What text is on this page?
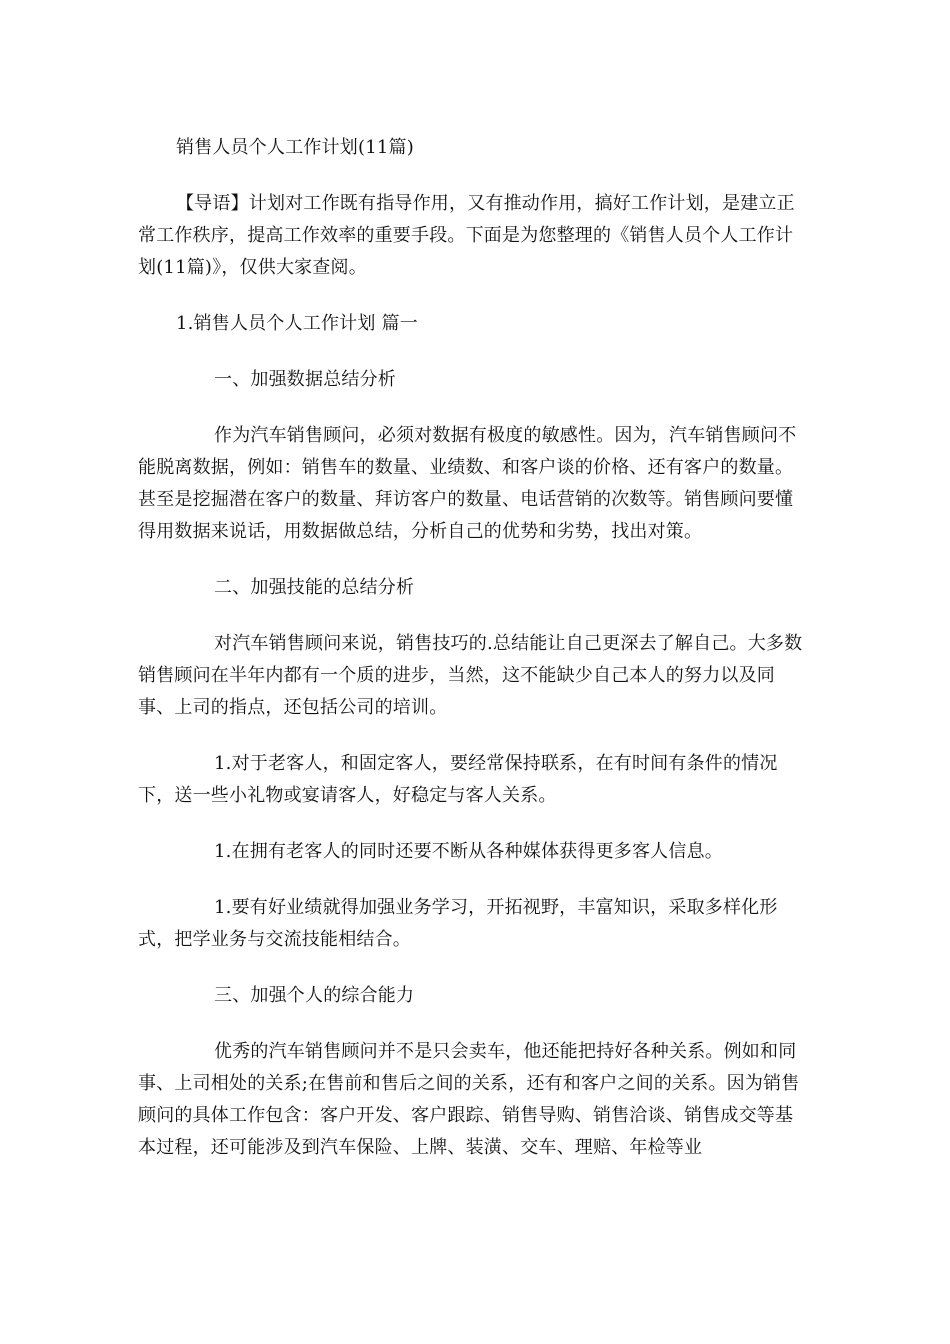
销售人员个人工作计划(11篇)

【导语】计划对工作既有指导作用，又有推动作用，搞好工作计划，是建立正常工作秩序，提高工作效率的重要手段。下面是为您整理的《销售人员个人工作计划(11篇)》，仅供大家查阅。

1.销售人员个人工作计划 篇一

一、加强数据总结分析

作为汽车销售顾问，必须对数据有极度的敏感性。因为，汽车销售顾问不能脱离数据，例如：销售车的数量、业绩数、和客户谈的价格、还有客户的数量。甚至是挖掘潜在客户的数量、拜访客户的数量、电话营销的次数等。销售顾问要懂得用数据来说话，用数据做总结，分析自己的优势和劣势，找出对策。

二、加强技能的总结分析

对汽车销售顾问来说，销售技巧的.总结能让自己更深去了解自己。大多数销售顾问在半年内都有一个质的进步，当然，这不能缺少自己本人的努力以及同事、上司的指点，还包括公司的培训。

1.对于老客人，和固定客人，要经常保持联系，在有时间有条件的情况下，送一些小礼物或宴请客人，好稳定与客人关系。

1.在拥有老客人的同时还要不断从各种媒体获得更多客人信息。

1.要有好业绩就得加强业务学习，开拓视野，丰富知识，采取多样化形式，把学业务与交流技能相结合。

三、加强个人的综合能力

优秀的汽车销售顾问并不是只会卖车，他还能把持好各种关系。例如和同事、上司相处的关系;在售前和售后之间的关系，还有和客户之间的关系。因为销售顾问的具体工作包含：客户开发、客户跟踪、销售导购、销售洽谈、销售成交等基本过程，还可能涉及到汽车保险、上牌、装潢、交车、理赔、年检等业
